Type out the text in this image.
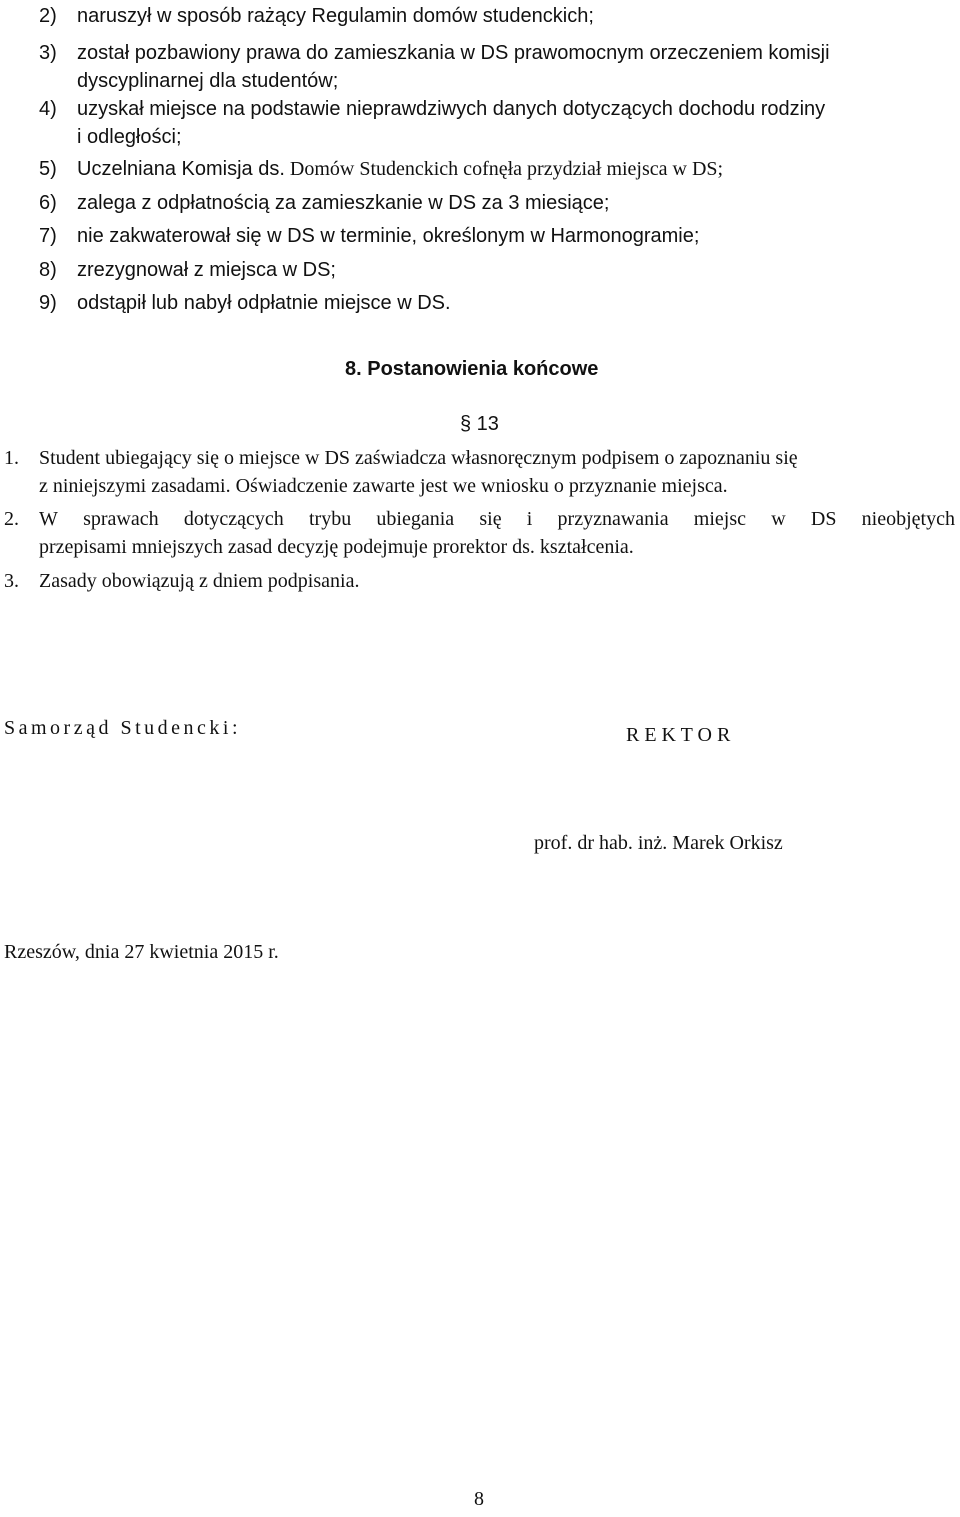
2) naruszył w sposób rażący Regulamin domów studenckich;
3) został pozbawiony prawa do zamieszkania w DS prawomocnym orzeczeniem komisji
dyscyplinarnej dla studentów;
4) uzyskał miejsce na podstawie nieprawdziwych danych dotyczących dochodu rodziny
i odległości;
5) Uczelniana Komisja ds. Domów Studenckich cofnęła przydział miejsca w DS;
6) zalega z odpłatnością za zamieszkanie w DS za 3 miesiące;
7) nie zakwaterował się w DS w terminie, określonym w Harmonogramie;
8) zrezygnował z miejsca w DS;
9) odstąpił lub nabył odpłatnie miejsce w DS.
8. Postanowienia końcowe
§ 13
1. Student ubiegający się o miejsce w DS zaświadcza własnoręcznym podpisem o zapoznaniu się
z niniejszymi zasadami. Oświadczenie zawarte jest we wniosku o przyznanie miejsca.
2. W sprawach dotyczących trybu ubiegania się i przyznawania miejsc w DS nieobjętych
przepisami mniejszych zasad decyzję podejmuje prorektor ds. kształcenia.
3. Zasady obowiązują z dniem podpisania.
Samorząd Studencki:	R E K T O R
prof. dr hab. inż. Marek Orkisz
Rzeszów, dnia 27 kwietnia 2015 r.
8
